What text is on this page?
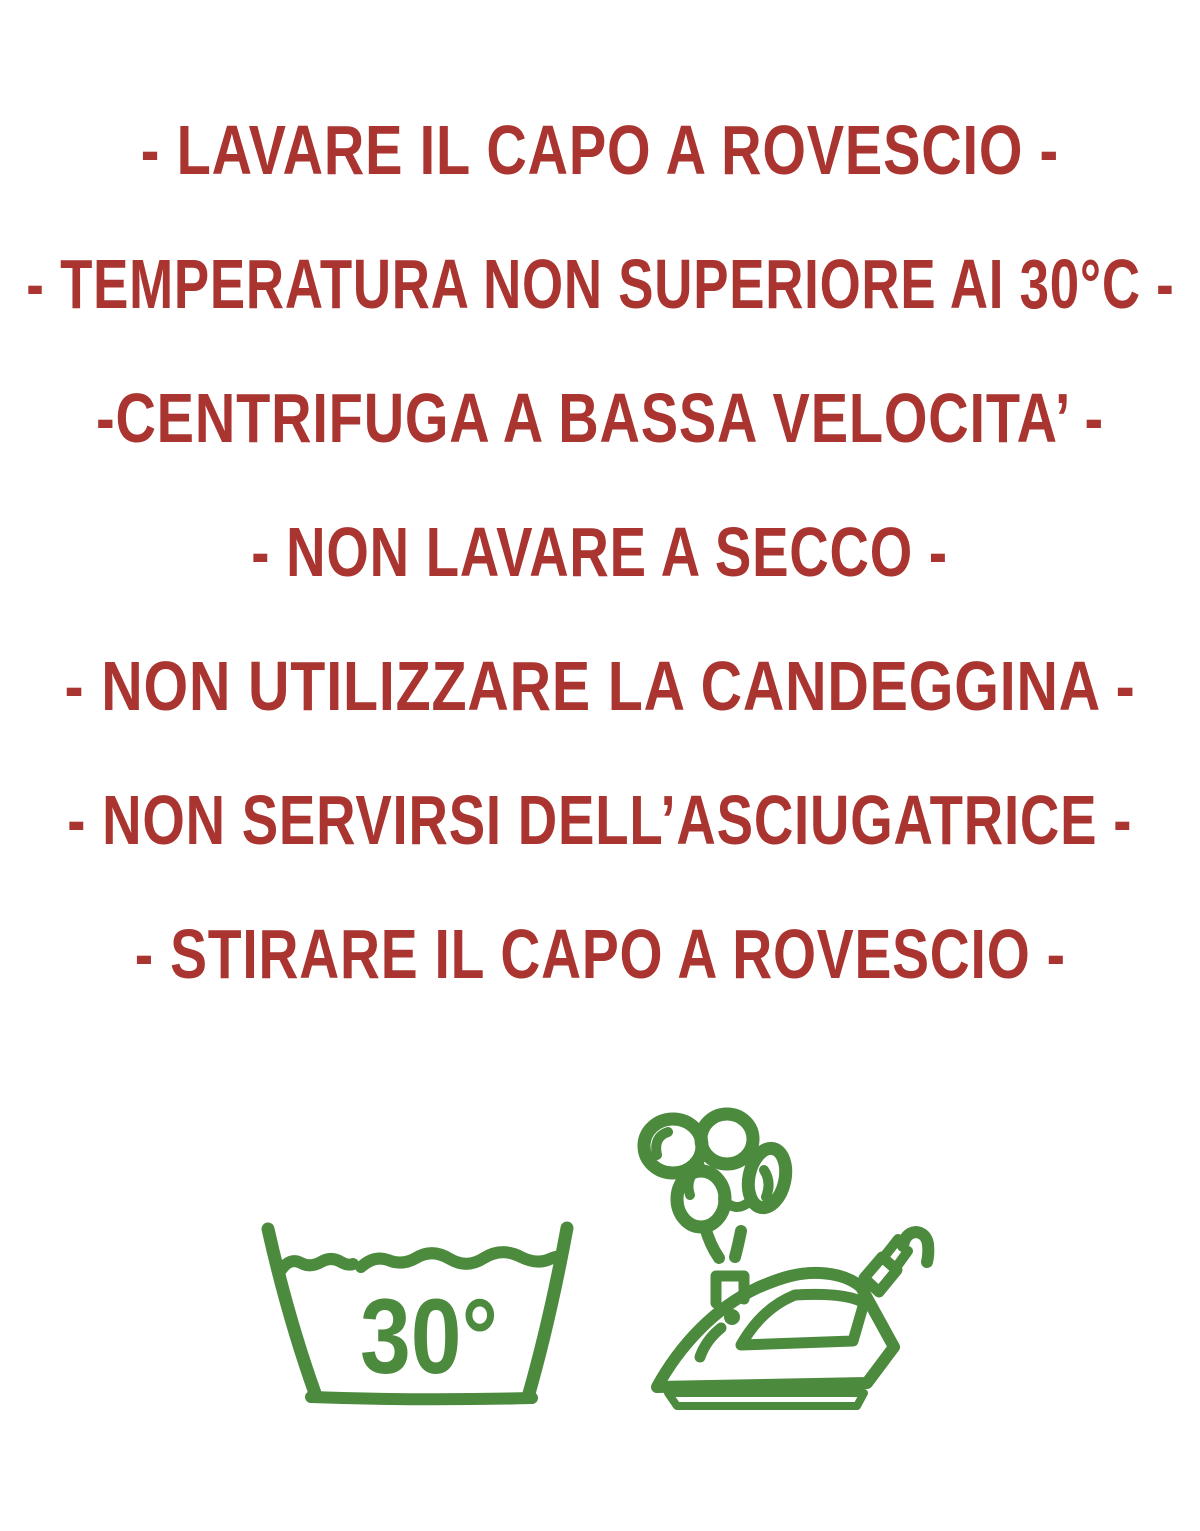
- LAVARE IL CAPO A ROVESCIO -
- TEMPERATURA NON SUPERIORE AI 30°C -
-CENTRIFUGA A BASSA VELOCITA’ -
- NON LAVARE A SECCO -
- NON UTILIZZARE LA CANDEGGINA -
- NON SERVIRSI DELL’ASCIUGATRICE -
- STIRARE IL CAPO A ROVESCIO -
30°
